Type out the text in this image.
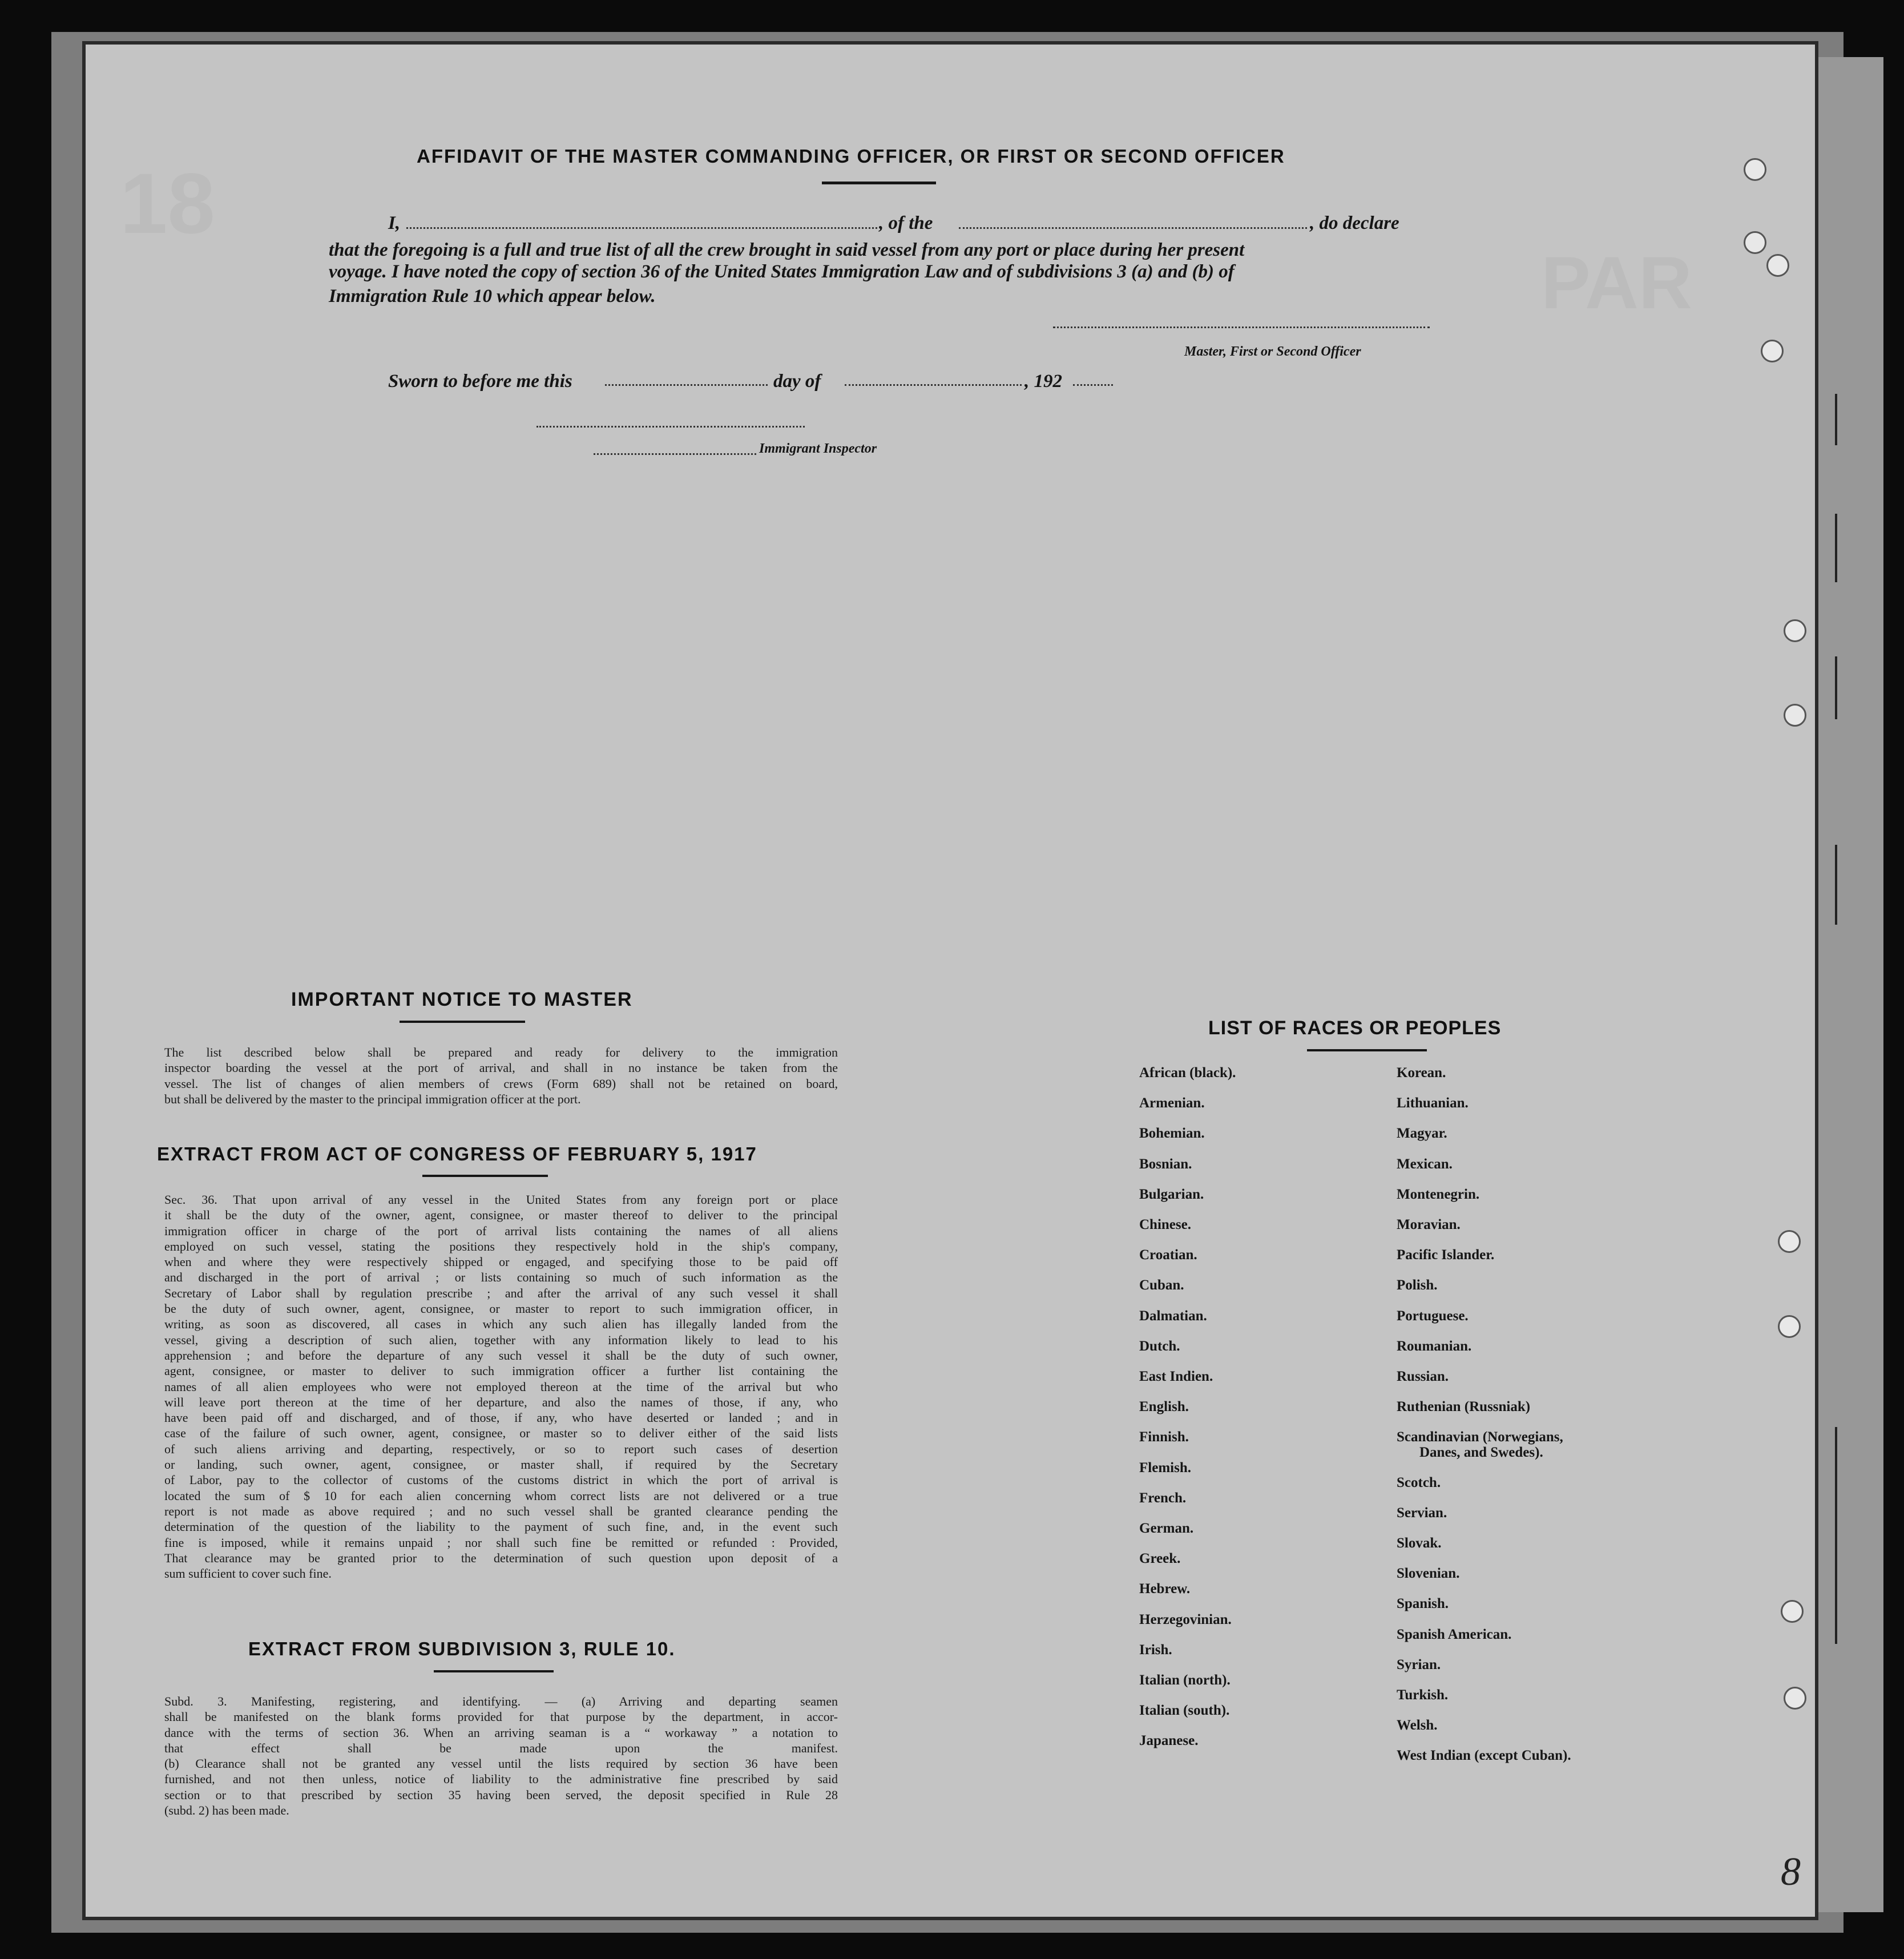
18
PAR
AFFIDAVIT OF THE MASTER COMMANDING OFFICER, OR FIRST OR SECOND OFFICER
I,	, of the	, do declare
that the foregoing is a full and true list of all the crew brought in said vessel from any port or place during her present
voyage. I have noted the copy of section 36 of the United States Immigration Law and of subdivisions 3 (a) and (b) of
Immigration Rule 10 which appear below.
Master, First or Second Officer
Sworn to before me this	day of	, 192
Immigrant Inspector
IMPORTANT NOTICE TO MASTER
The list described below shall be prepared and ready for delivery to the immigration
inspector boarding the vessel at the port of arrival, and shall in no instance be taken from the
vessel. The list of changes of alien members of crews (Form 689) shall not be retained on board,
but shall be delivered by the master to the principal immigration officer at the port.
EXTRACT FROM ACT OF CONGRESS OF FEBRUARY 5, 1917
Sec. 36. That upon arrival of any vessel in the United States from any foreign port or place
it shall be the duty of the owner, agent, consignee, or master thereof to deliver to the principal
immigration officer in charge of the port of arrival lists containing the names of all aliens
employed on such vessel, stating the positions they respectively hold in the ship's company,
when and where they were respectively shipped or engaged, and specifying those to be paid off
and discharged in the port of arrival ; or lists containing so much of such information as the
Secretary of Labor shall by regulation prescribe ; and after the arrival of any such vessel it shall
be the duty of such owner, agent, consignee, or master to report to such immigration officer, in
writing, as soon as discovered, all cases in which any such alien has illegally landed from the
vessel, giving a description of such alien, together with any information likely to lead to his
apprehension ; and before the departure of any such vessel it shall be the duty of such owner,
agent, consignee, or master to deliver to such immigration officer a further list containing the
names of all alien employees who were not employed thereon at the time of the arrival but who
will leave port thereon at the time of her departure, and also the names of those, if any, who
have been paid off and discharged, and of those, if any, who have deserted or landed ; and in
case of the failure of such owner, agent, consignee, or master so to deliver either of the said lists
of such aliens arriving and departing, respectively, or so to report such cases of desertion
or landing, such owner, agent, consignee, or master shall, if required by the Secretary
of Labor, pay to the collector of customs of the customs district in which the port of arrival is
located the sum of $ 10 for each alien concerning whom correct lists are not delivered or a true
report is not made as above required ; and no such vessel shall be granted clearance pending the
determination of the question of the liability to the payment of such fine, and, in the event such
fine is imposed, while it remains unpaid ; nor shall such fine be remitted or refunded : Provided,
That clearance may be granted prior to the determination of such question upon deposit of a
sum sufficient to cover such fine.
EXTRACT FROM SUBDIVISION 3, RULE 10.
Subd. 3. Manifesting, registering, and identifying. — (a) Arriving and departing seamen
shall be manifested on the blank forms provided for that purpose by the department, in accor-
dance with the terms of section 36. When an arriving seaman is a “ workaway ” a notation to
that effect shall be made upon the manifest.
(b) Clearance shall not be granted any vessel until the lists required by section 36 have been
furnished, and not then unless, notice of liability to the administrative fine prescribed by said
section or to that prescribed by section 35 having been served, the deposit specified in Rule 28
(subd. 2) has been made.
LIST OF RACES OR PEOPLES
African (black).
Armenian.
Bohemian.
Bosnian.
Bulgarian.
Chinese.
Croatian.
Cuban.
Dalmatian.
Dutch.
East Indien.
English.
Finnish.
Flemish.
French.
German.
Greek.
Hebrew.
Herzegovinian.
Irish.
Italian (north).
Italian (south).
Japanese.
Korean.
Lithuanian.
Magyar.
Mexican.
Montenegrin.
Moravian.
Pacific Islander.
Polish.
Portuguese.
Roumanian.
Russian.
Ruthenian (Russniak)
Scandinavian (Norwegians,
Danes, and Swedes).
Scotch.
Servian.
Slovak.
Slovenian.
Spanish.
Spanish American.
Syrian.
Turkish.
Welsh.
West Indian (except Cuban).
8
